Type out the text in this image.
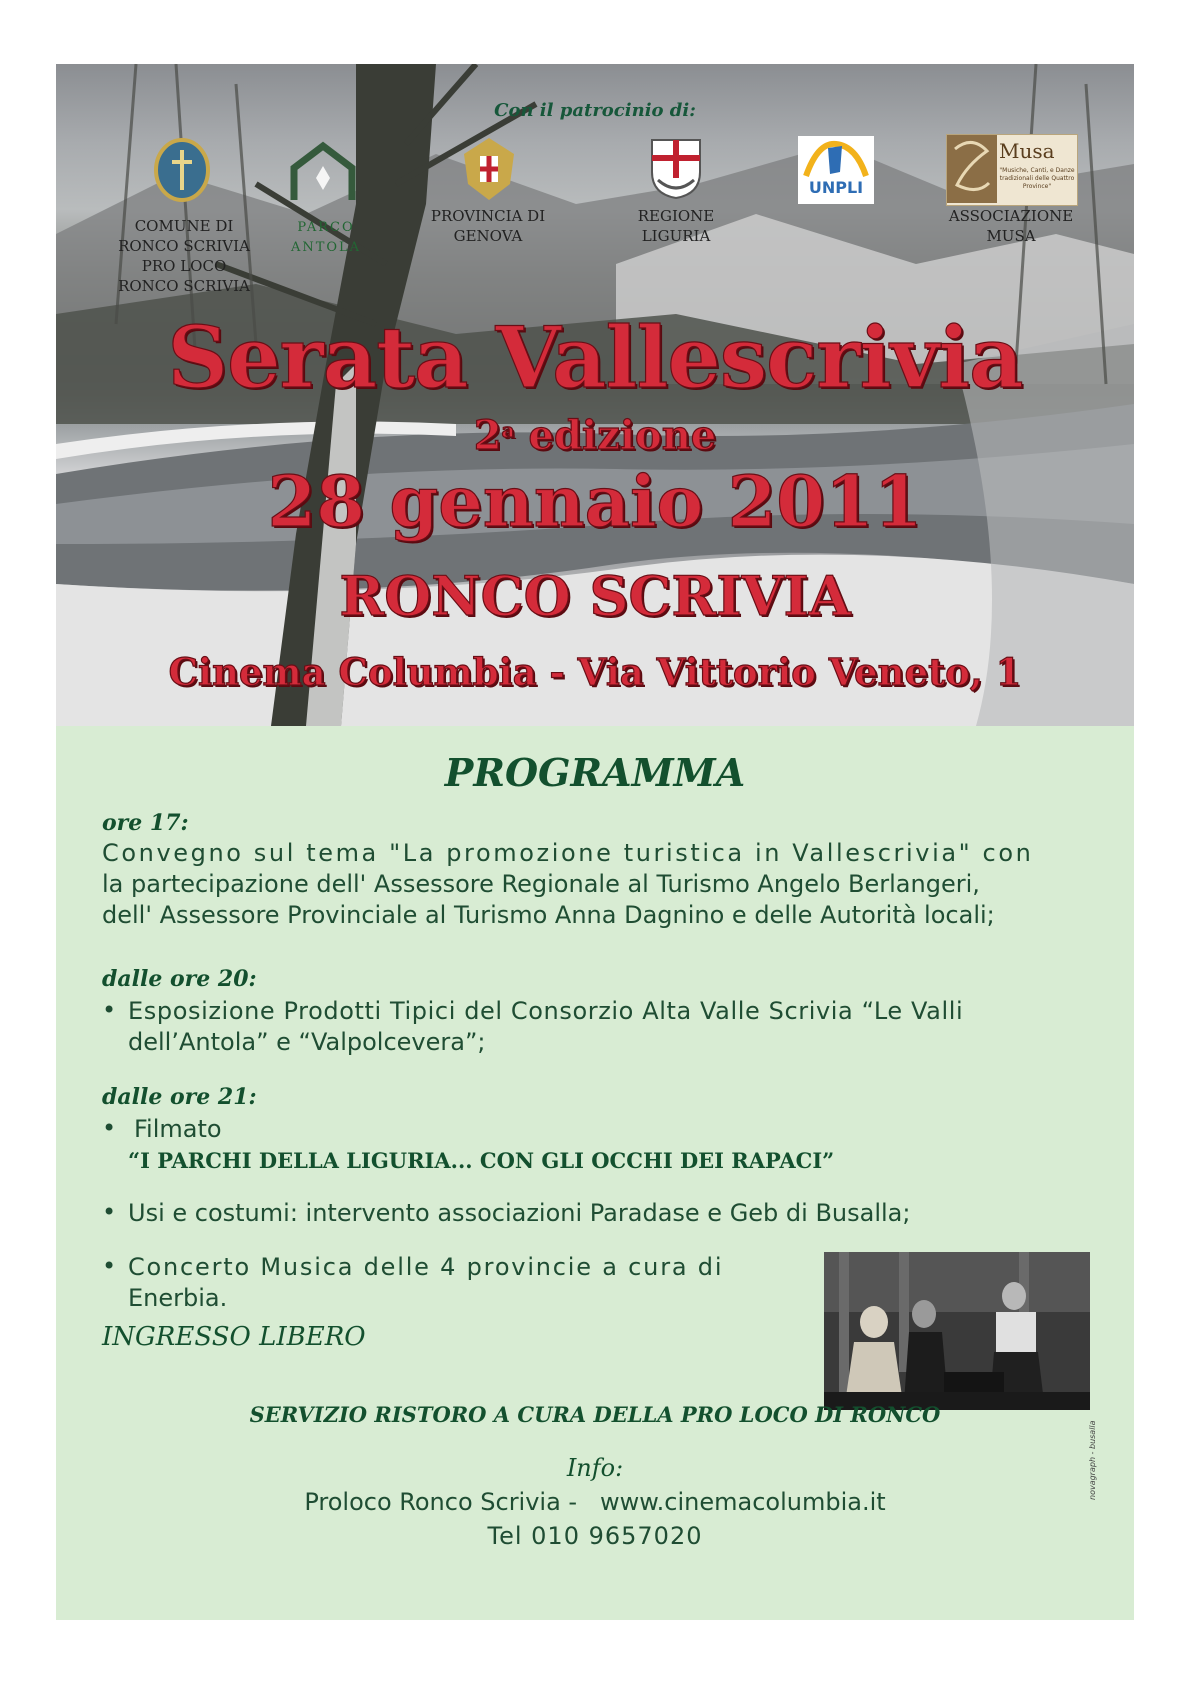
Con il patrocinio di:
COMUNE DI
RONCO SCRIVIA
PRO LOCO
RONCO SCRIVIA
PARCO
ANTOLA
PROVINCIA DI
GENOVA
REGIONE
LIGURIA
UNPLI
Musa
"Musiche, Canti, e Danze tradizionali delle Quattro Province"
ASSOCIAZIONE
MUSA
Serata Vallescrivia
2$^a$ edizione
28 gennaio 2011
RONCO SCRIVIA
Cinema Columbia - Via Vittorio Veneto, 1
PROGRAMMA
ore 17:
Convegno sul tema "La promozione turistica in Vallescrivia" con
la partecipazione dell' Assessore Regionale al Turismo Angelo Berlangeri,
dell' Assessore Provinciale al Turismo Anna Dagnino e delle Autorità locali;
dalle ore 20:
• Esposizione Prodotti Tipici del Consorzio Alta Valle Scrivia “Le Valli
dell’Antola” e “Valpolcevera”;
dalle ore 21:
• Filmato
“I PARCHI DELLA LIGURIA... CON GLI OCCHI DEI RAPACI”
• Usi e costumi: intervento associazioni Paradase e Geb di Busalla;
• Concerto Musica delle 4 provincie a cura di
Enerbia.
INGRESSO LIBERO
SERVIZIO RISTORO A CURA DELLA PRO LOCO DI RONCO
Info:
Proloco Ronco Scrivia -   www.cinemacolumbia.it
Tel 010 9657020
novagraph - busalla
